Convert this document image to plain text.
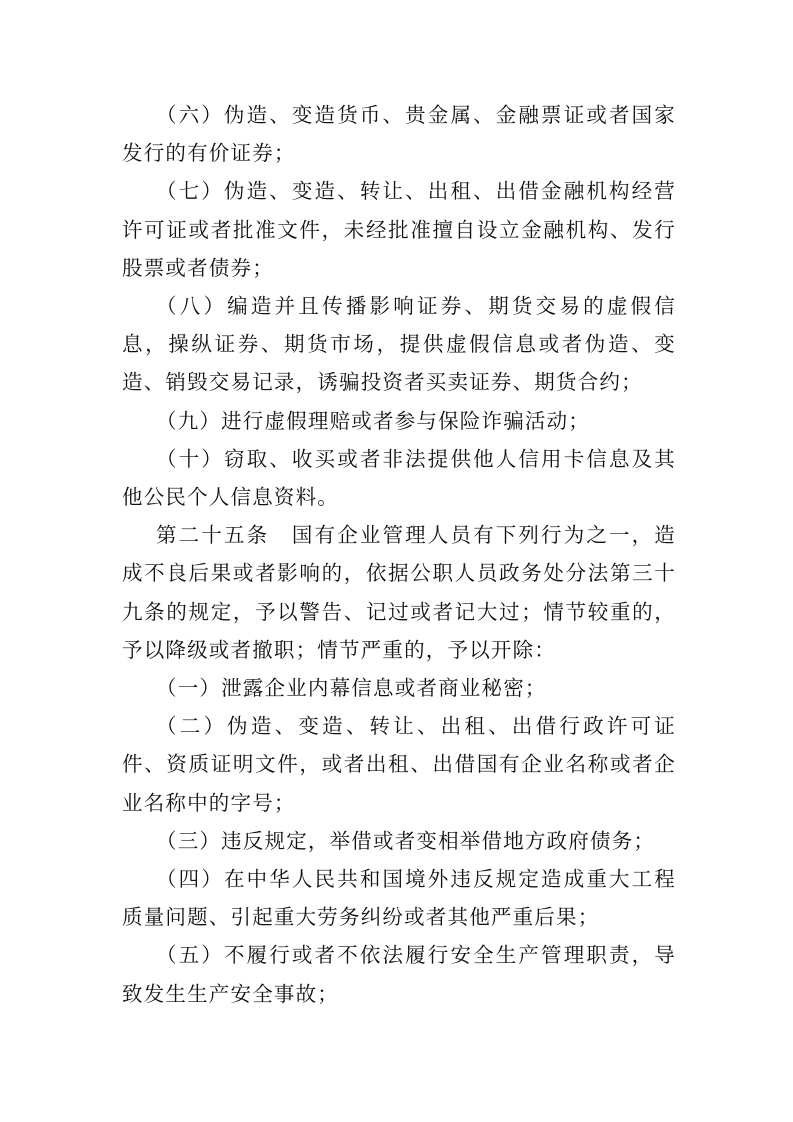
（六）伪造、变造货币、贵金属、金融票证或者国家发行的有价证券；

（七）伪造、变造、转让、出租、出借金融机构经营许可证或者批准文件，未经批准擅自设立金融机构、发行股票或者债券；

（八）编造并且传播影响证券、期货交易的虚假信息，操纵证券、期货市场，提供虚假信息或者伪造、变造、销毁交易记录，诱骗投资者买卖证券、期货合约；

（九）进行虚假理赔或者参与保险诈骗活动；

（十）窃取、收买或者非法提供他人信用卡信息及其他公民个人信息资料。

第二十五条　国有企业管理人员有下列行为之一，造成不良后果或者影响的，依据公职人员政务处分法第三十九条的规定，予以警告、记过或者记大过；情节较重的，予以降级或者撤职；情节严重的，予以开除：

（一）泄露企业内幕信息或者商业秘密；

（二）伪造、变造、转让、出租、出借行政许可证件、资质证明文件，或者出租、出借国有企业名称或者企业名称中的字号；

（三）违反规定，举借或者变相举借地方政府债务；

（四）在中华人民共和国境外违反规定造成重大工程质量问题、引起重大劳务纠纷或者其他严重后果；

（五）不履行或者不依法履行安全生产管理职责，导致发生生产安全事故；
